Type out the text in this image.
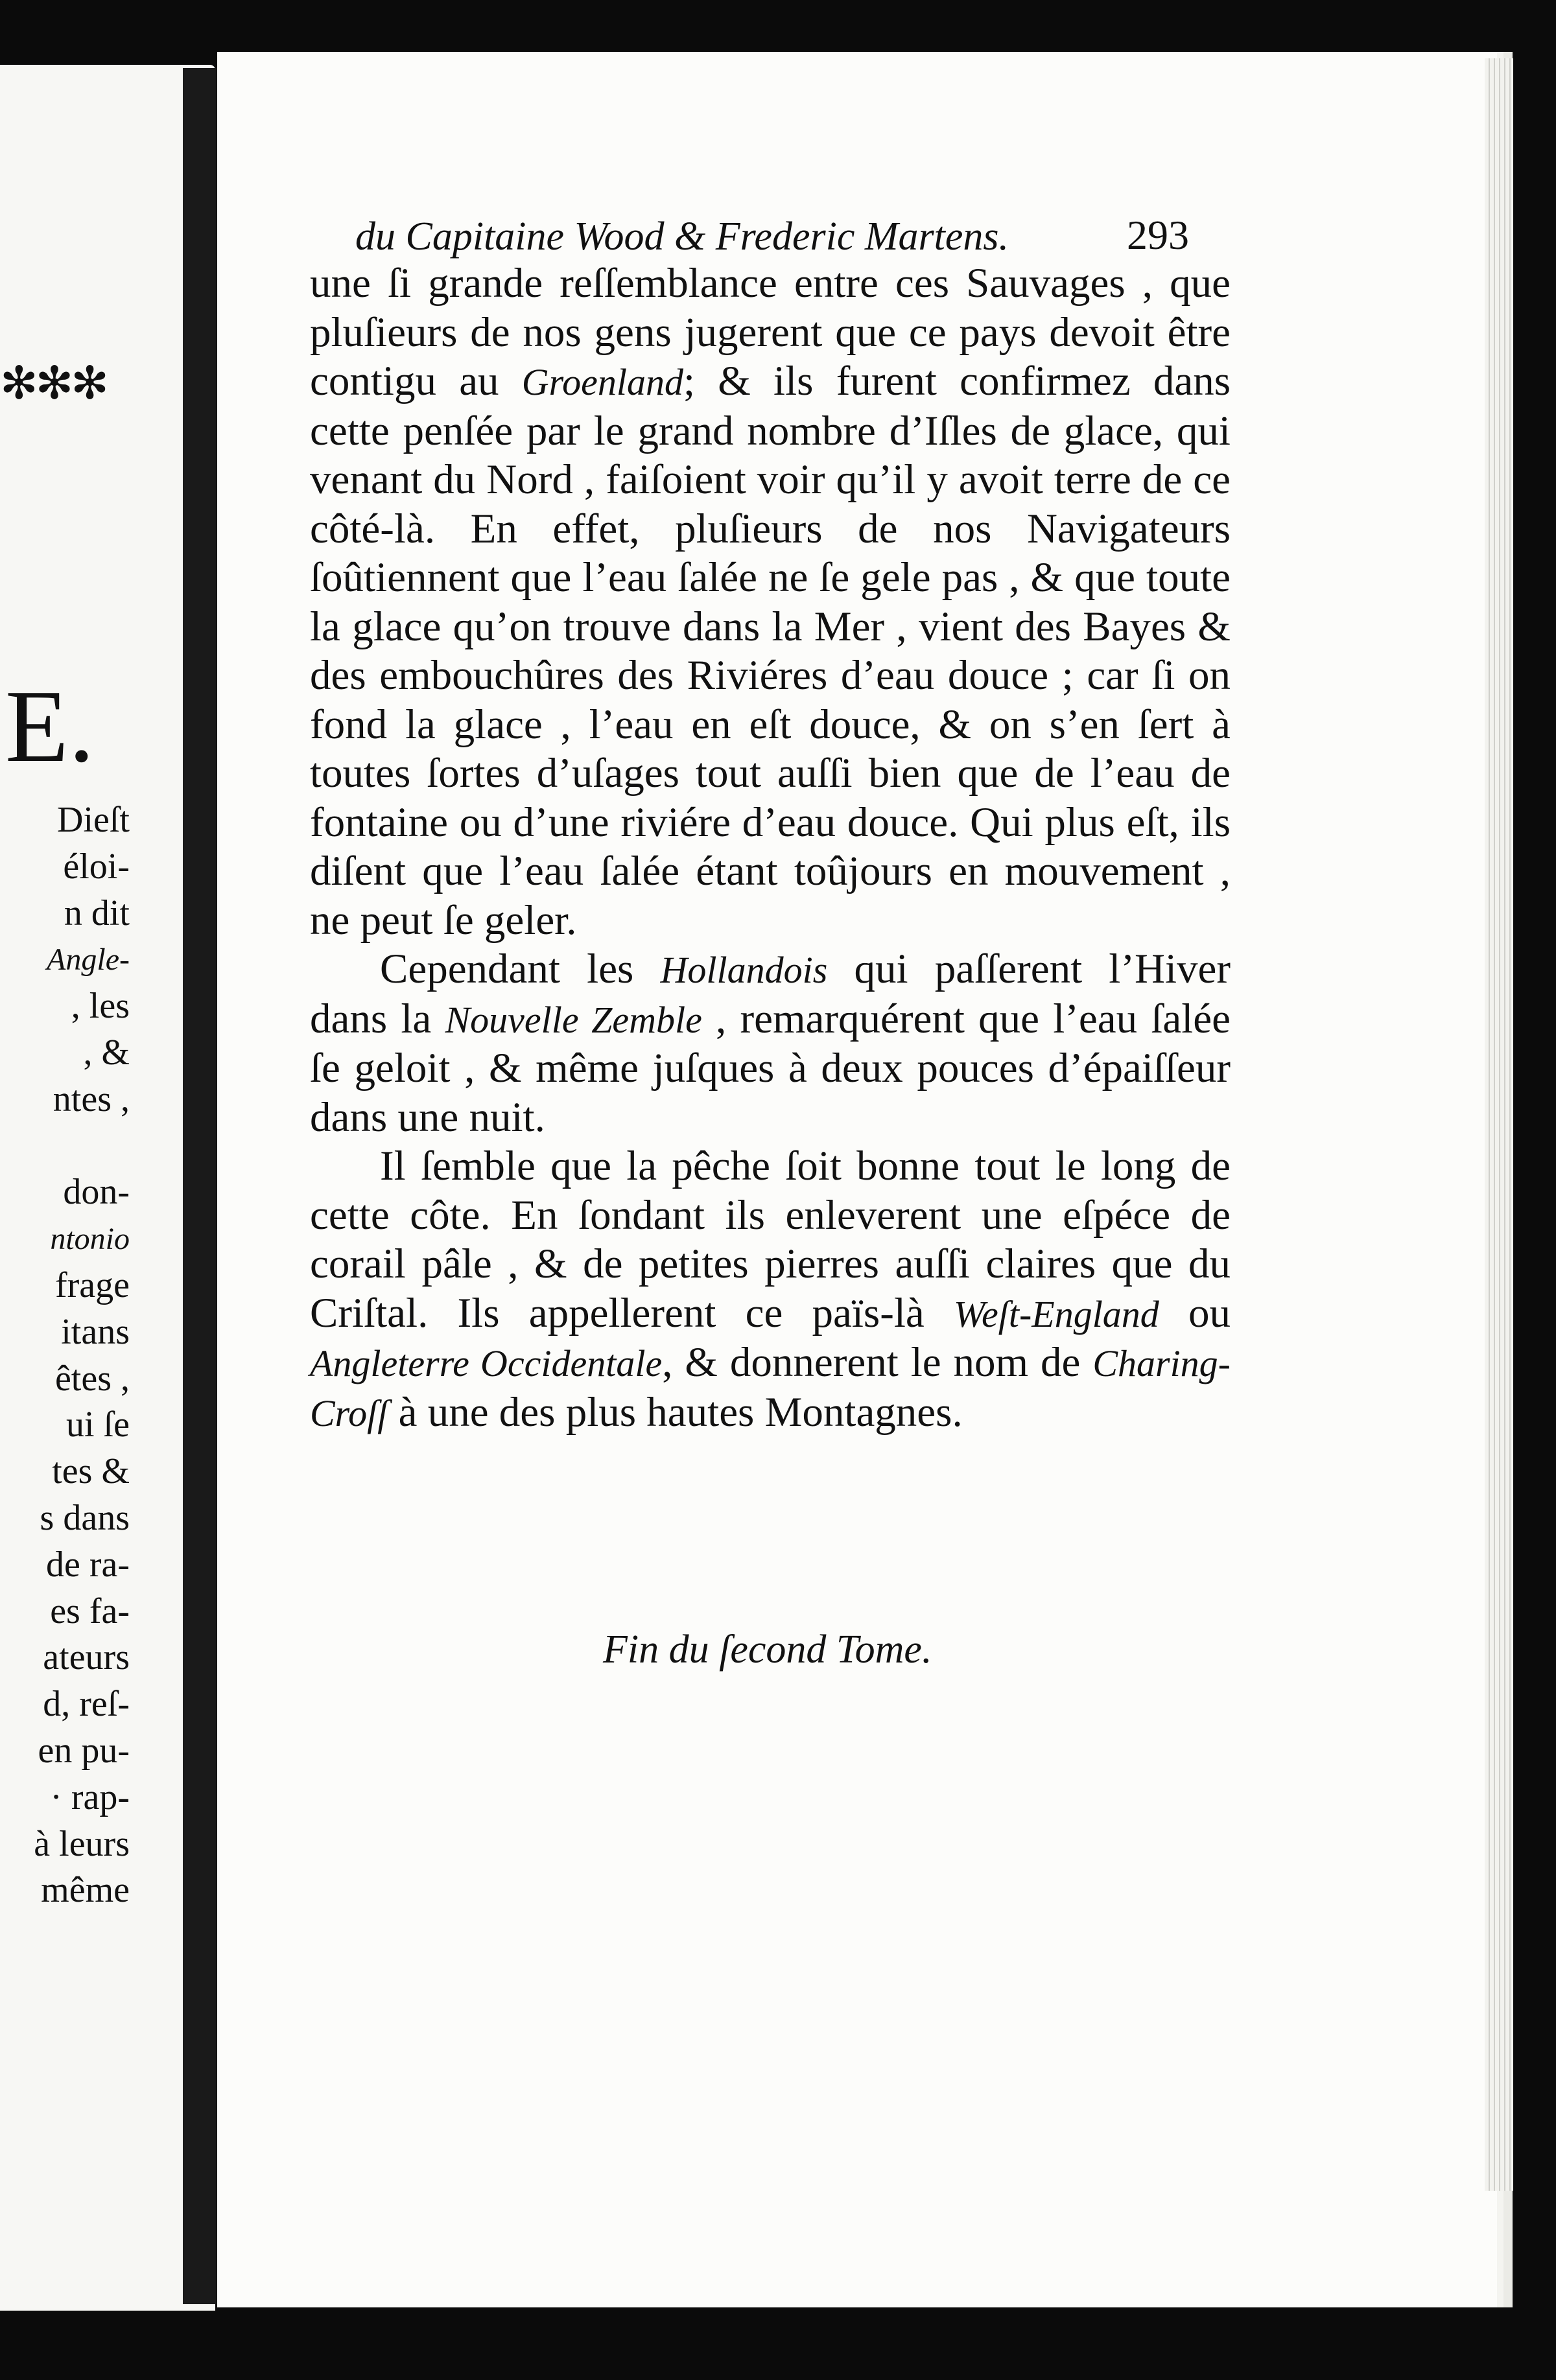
✻✻✻
E.
Dieſt
éloi-
n dit
Angle-
, les
, &
ntes ,

don-
ntonio
frage
itans
êtes ,
ui ſe
tes &
s dans
de ra-
es fa-
ateurs
d, reſ-
en pu-
· rap-
à leurs
même
du Capitaine Wood & Frederic Martens.	293

une ſi grande reſſemblance entre ces Sauvages , que pluſieurs de nos gens jugerent que ce pays devoit être contigu au Groenland; & ils furent confirmez dans cette penſée par le grand nombre d’Iſles de glace, qui venant du Nord , faiſoient voir qu’il y avoit terre de ce côté-là. En effet, pluſieurs de nos Navigateurs ſoûtiennent que l’eau ſalée ne ſe gele pas , & que toute la glace qu’on trouve dans la Mer , vient des Bayes & des embouchûres des Riviéres d’eau douce ; car ſi on fond la glace , l’eau en eſt douce, & on s’en ſert à toutes ſortes d’uſages tout auſſi bien que de l’eau de fontaine ou d’une riviére d’eau douce. Qui plus eſt, ils diſent que l’eau ſalée étant toûjours en mouvement , ne peut ſe geler.

Cependant les Hollandois qui paſſerent l’Hiver dans la Nouvelle Zemble , remarquérent que l’eau ſalée ſe geloit , & même juſques à deux pouces d’épaiſſeur dans une nuit.

Il ſemble que la pêche ſoit bonne tout le long de cette côte. En ſondant ils enleverent une eſpéce de corail pâle , & de petites pierres auſſi claires que du Criſtal. Ils appellerent ce païs-là Weſt-England ou Angleterre Occidentale, & donnerent le nom de Charing-Croſſ à une des plus hautes Montagnes.

Fin du ſecond Tome.
